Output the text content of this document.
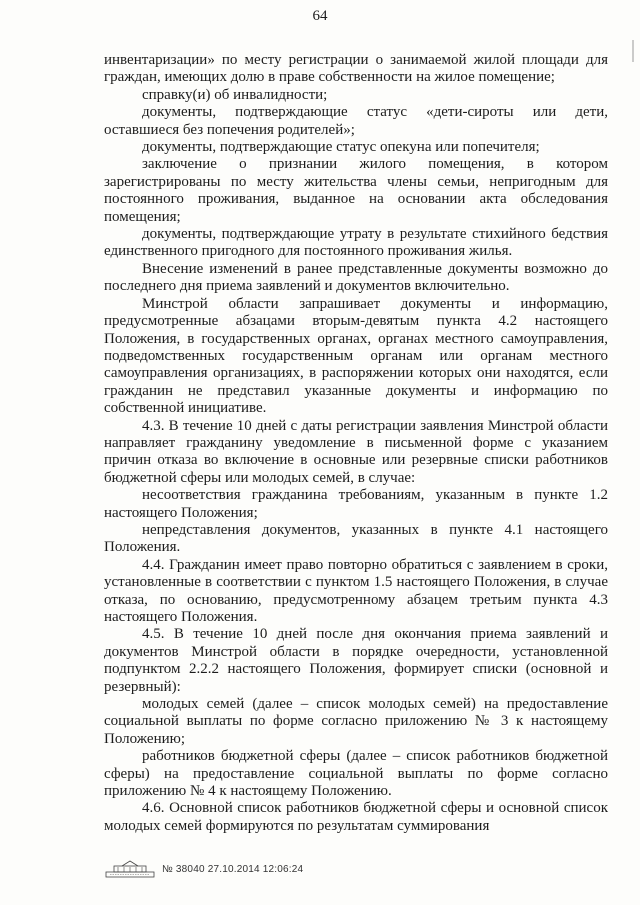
64

инвентаризации» по месту регистрации о занимаемой жилой площади для граждан, имеющих долю в праве собственности на жилое помещение;

справку(и) об инвалидности;

документы, подтверждающие статус «дети-сироты или дети, оставшиеся без попечения родителей»;

документы, подтверждающие статус опекуна или попечителя;

заключение о признании жилого помещения, в котором зарегистрированы по месту жительства члены семьи, непригодным для постоянного проживания, выданное на основании акта обследования помещения;

документы, подтверждающие утрату в результате стихийного бедствия единственного пригодного для постоянного проживания жилья.

Внесение изменений в ранее представленные документы возможно до последнего дня приема заявлений и документов включительно.

Минстрой области запрашивает документы и информацию, предусмотренные абзацами вторым-девятым пункта 4.2 настоящего Положения, в государственных органах, органах местного самоуправления, подведомственных государственным органам или органам местного самоуправления организациях, в распоряжении которых они находятся, если гражданин не представил указанные документы и информацию по собственной инициативе.

4.3. В течение 10 дней с даты регистрации заявления Минстрой области направляет гражданину уведомление в письменной форме с указанием причин отказа во включение в основные или резервные списки работников бюджетной сферы или молодых семей, в случае:

несоответствия гражданина требованиям, указанным в пункте 1.2 настоящего Положения;

непредставления документов, указанных в пункте 4.1 настоящего Положения.

4.4. Гражданин имеет право повторно обратиться с заявлением в сроки, установленные в соответствии с пунктом 1.5 настоящего Положения, в случае отказа, по основанию, предусмотренному абзацем третьим пункта 4.3 настоящего Положения.

4.5. В течение 10 дней после дня окончания приема заявлений и документов Минстрой области в порядке очередности, установленной подпунктом 2.2.2 настоящего Положения, формирует списки (основной и резервный):

молодых семей (далее – список молодых семей) на предоставление социальной выплаты по форме согласно приложению № 3 к настоящему Положению;

работников бюджетной сферы (далее – список работников бюджетной сферы) на предоставление социальной выплаты по форме согласно приложению № 4 к настоящему Положению.

4.6. Основной список работников бюджетной сферы и основной список молодых семей формируются по результатам суммирования

№ 38040 27.10.2014 12:06:24
